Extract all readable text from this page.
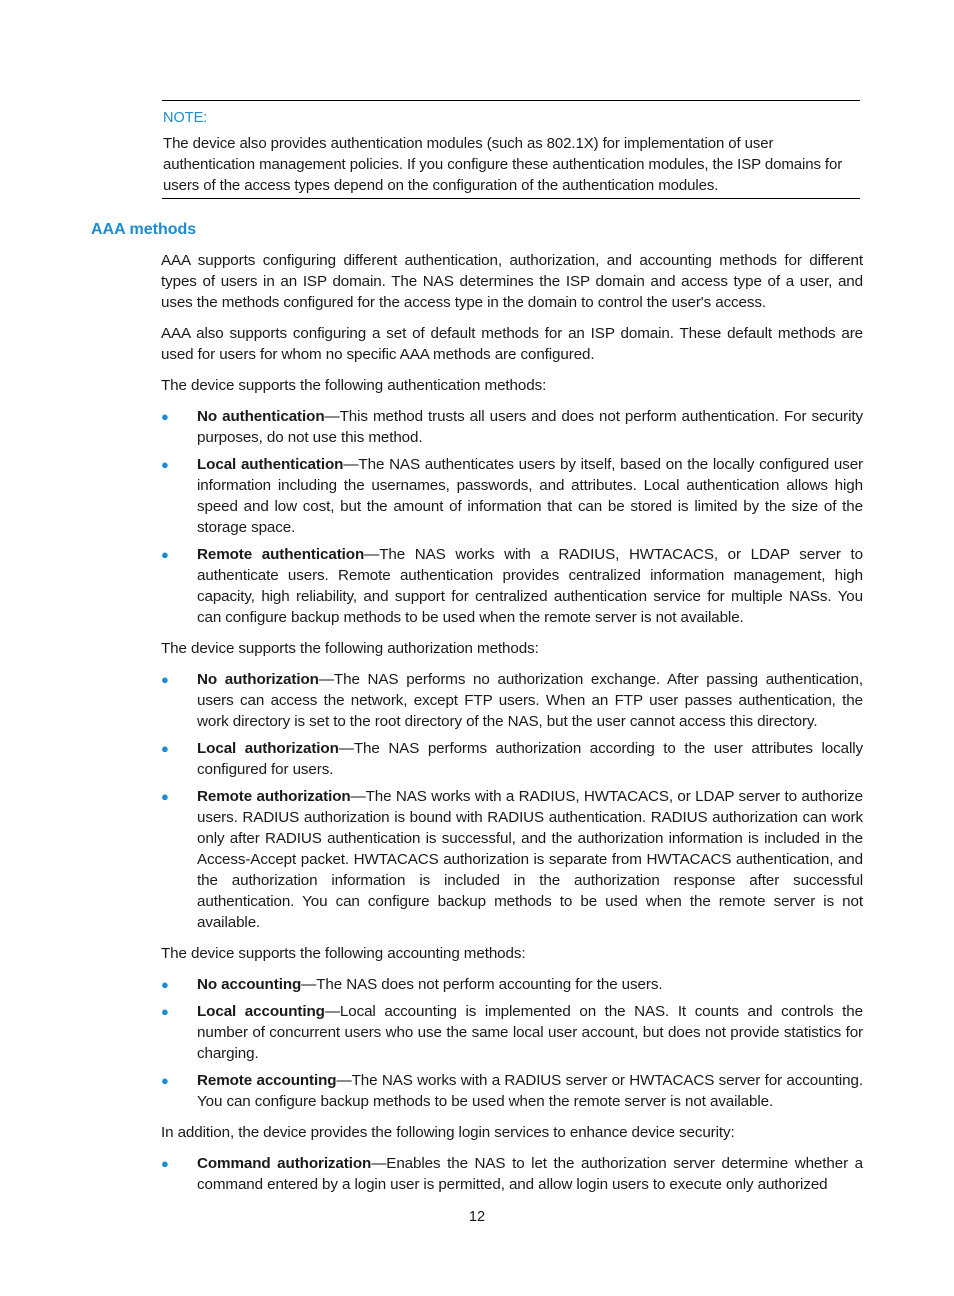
NOTE:
The device also provides authentication modules (such as 802.1X) for implementation of user authentication management policies. If you configure these authentication modules, the ISP domains for users of the access types depend on the configuration of the authentication modules.
AAA methods

AAA supports configuring different authentication, authorization, and accounting methods for different types of users in an ISP domain. The NAS determines the ISP domain and access type of a user, and uses the methods configured for the access type in the domain to control the user's access.

AAA also supports configuring a set of default methods for an ISP domain. These default methods are used for users for whom no specific AAA methods are configured.

The device supports the following authentication methods:

● No authentication—This method trusts all users and does not perform authentication. For security purposes, do not use this method.
● Local authentication—The NAS authenticates users by itself, based on the locally configured user information including the usernames, passwords, and attributes. Local authentication allows high speed and low cost, but the amount of information that can be stored is limited by the size of the storage space.
● Remote authentication—The NAS works with a RADIUS, HWTACACS, or LDAP server to authenticate users. Remote authentication provides centralized information management, high capacity, high reliability, and support for centralized authentication service for multiple NASs. You can configure backup methods to be used when the remote server is not available.

The device supports the following authorization methods:

● No authorization—The NAS performs no authorization exchange. After passing authentication, users can access the network, except FTP users. When an FTP user passes authentication, the work directory is set to the root directory of the NAS, but the user cannot access this directory.
● Local authorization—The NAS performs authorization according to the user attributes locally configured for users.
● Remote authorization—The NAS works with a RADIUS, HWTACACS, or LDAP server to authorize users. RADIUS authorization is bound with RADIUS authentication. RADIUS authorization can work only after RADIUS authentication is successful, and the authorization information is included in the Access-Accept packet. HWTACACS authorization is separate from HWTACACS authentication, and the authorization information is included in the authorization response after successful authentication. You can configure backup methods to be used when the remote server is not available.

The device supports the following accounting methods:

● No accounting—The NAS does not perform accounting for the users.
● Local accounting—Local accounting is implemented on the NAS. It counts and controls the number of concurrent users who use the same local user account, but does not provide statistics for charging.
● Remote accounting—The NAS works with a RADIUS server or HWTACACS server for accounting. You can configure backup methods to be used when the remote server is not available.

In addition, the device provides the following login services to enhance device security:

● Command authorization—Enables the NAS to let the authorization server determine whether a command entered by a login user is permitted, and allow login users to execute only authorized
12
